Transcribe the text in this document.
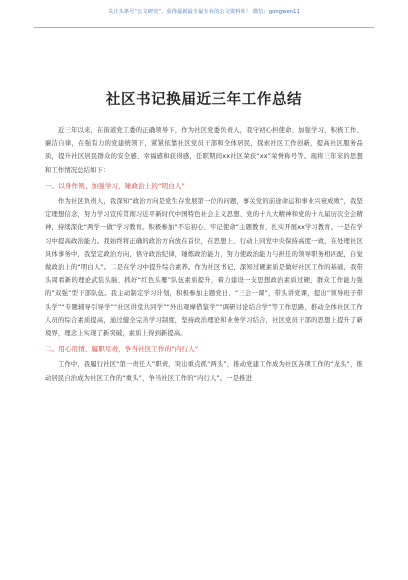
关注头条号“公文研究”，获得最新最全最专业的公文资料库！ 微信：gongwen11
社区书记换届近三年工作总结

近三年以来，在街道党工委的正确领导下，作为社区党委负责人，我守初心担使命、加强学习、积极工作、廉洁自律，在强有力的党建统领下，紧紧依靠社区党员干部和全体居民，探索社区工作创新，提高社区服务品质，提升社区居民群众的安全感、幸福感和获得感，任职期间xx社区荣获“xx”荣誉称号等。现将三年来的思想和工作情况总结如下：

一、以身作则、加强学习，锤政治上的“明白人”

作为社区负责人，我深知“政治方向是党生存发展第一位的问题，事关党的前途命运和事业兴衰成败”，我坚定理想信念，努力学习宣传贯彻习近平新时代中国特色社会主义思想、党的十九大精神和党的十九届历次全会精神，持续深化“两学一做”学习教育。积极参加“不忘初心、牢记使命”主题教育，扎实开展xx学习教育。一是在学习中提高政治能力。我始终将正确的政治方向放在首位，在思想上、行动上同党中央保持高度一致，在处理社区具体事务中，我坚定政治方向，恪守政治纪律，锤炼政治能力，努力使政治能力与担任的领导职务相匹配，自觉做政治上的“明白人”。二是在学习中提升综合素养。作为社区书记，深知过硬素质是做好社区工作的基础，我带头周看新的理论武装头脑、抓好“红色头雁”队伍素质提升，着力建设一支思想政治素质过硬，群众工作能力强的“双强”型干部队伍。我主动制定学习计划，积极参加主题党日、“三会一课”，带头讲党课，提出“领导班子带头学”“专题辅导引导学”“社区讲堂共同学”“外出观摩借鉴学”“调研讨论结合学”等工作思路，推动全体社区工作人员的综合素质提高，通过健全完善学习制度，坚持政治理论和业务学习结合，社区党员干部的思想上提升了新境界，理念上实现了新突破，素质上得到新提高。

二、用心用情、履职尽责，争当社区工作的“内行人”

工作中，我履行社区“第一责任人”职责，突出重点抓“两头”，推动党建工作成为社区各项工作的“龙头”，推动居民自治成为社区工作的“重头”，争当社区工作的“内行人”。一是推进
